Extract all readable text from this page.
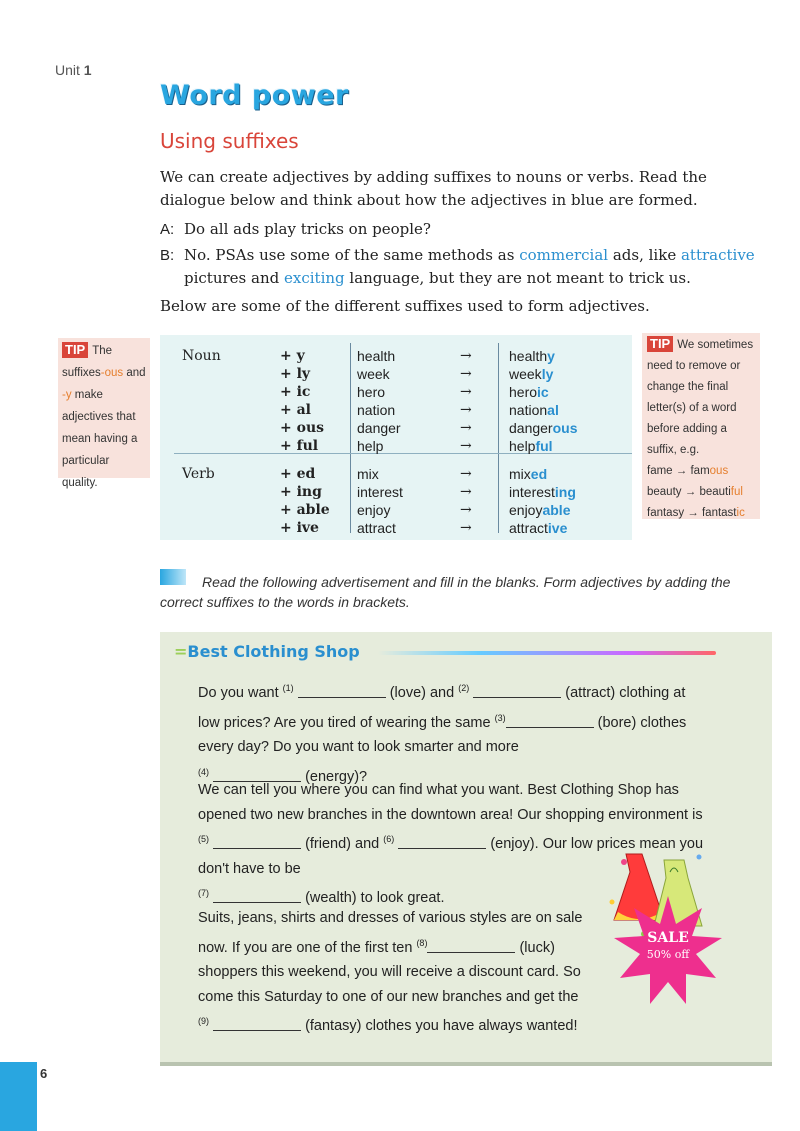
Unit 1
Word power
Using suffixes
We can create adjectives by adding suffixes to nouns or verbs. Read the dialogue below and think about how the adjectives in blue are formed.
A: Do all ads play tricks on people?
B: No. PSAs use some of the same methods as commercial ads, like attractive
pictures and exciting language, but they are not meant to trick us.
Below are some of the different suffixes used to form adjectives.
TIP The suffixes-ous and -y make adjectives that mean having a particular quality.
TIP We sometimes need to remove or change the final letter(s) of a word before adding a suffix, e.g.
fame → famous
beauty → beautiful
fantasy → fantastic
Noun
Verb
+ y	health	→	healthy
+ ly	week	→	weekly
+ ic	hero	→	heroic
+ al	nation	→	national
+ ous danger	→	dangerous
+ ful	help	→	helpful
+ ed	mix	→	mixed
+ ing	interest	→	interesting
+ able enjoy	→	enjoyable
+ ive	attract	→	attractive
Read the following advertisement and fill in the blanks. Form adjectives by adding the correct suffixes to the words in brackets.
=Best Clothing Shop
Do you want $^{(1)}$	(love) and $^{(2)}$	(attract) clothing at low prices? Are you tired of wearing the same $^{(3)}$	(bore) clothes every day? Do you want to look smarter and more
$^{(4)}$	(energy)?
We can tell you where you can find what you want. Best Clothing Shop has opened two new branches in the downtown area! Our shopping environment is $^{(5)}$	(friend) and $^{(6)}$	(enjoy). Our low prices mean you don't have to be
$^{(7)}$	(wealth) to look great.
Suits, jeans, shirts and dresses of various styles are on sale now. If you are one of the first ten $^{(8)}$	(luck) shoppers this weekend, you will receive a discount card. So come this Saturday to one of our new branches and get the
$^{(9)}$	(fantasy) clothes you have always wanted!
SALE
50% off
6
